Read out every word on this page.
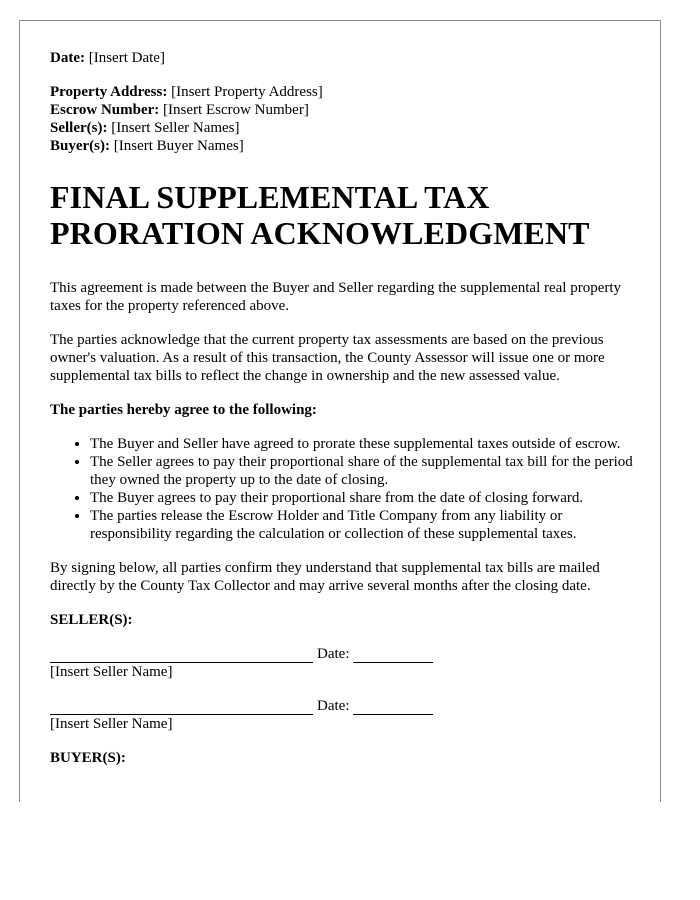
Date: [Insert Date]

Property Address: [Insert Property Address]

Escrow Number: [Insert Escrow Number]

Seller(s): [Insert Seller Names]

Buyer(s): [Insert Buyer Names]

FINAL SUPPLEMENTAL TAX PRORATION ACKNOWLEDGMENT

This agreement is made between the Buyer and Seller regarding the supplemental real property taxes for the property referenced above.

The parties acknowledge that the current property tax assessments are based on the previous owner's valuation. As a result of this transaction, the County Assessor will issue one or more supplemental tax bills to reflect the change in ownership and the new assessed value.

The parties hereby agree to the following:

• The Buyer and Seller have agreed to prorate these supplemental taxes outside of escrow.
• The Seller agrees to pay their proportional share of the supplemental tax bill for the period they owned the property up to the date of closing.
• The Buyer agrees to pay their proportional share from the date of closing forward.
• The parties release the Escrow Holder and Title Company from any liability or responsibility regarding the calculation or collection of these supplemental taxes.

By signing below, all parties confirm they understand that supplemental tax bills are mailed directly by the County Tax Collector and may arrive several months after the closing date.

SELLER(S):

Date:

[Insert Seller Name]

Date:

[Insert Seller Name]

BUYER(S):
